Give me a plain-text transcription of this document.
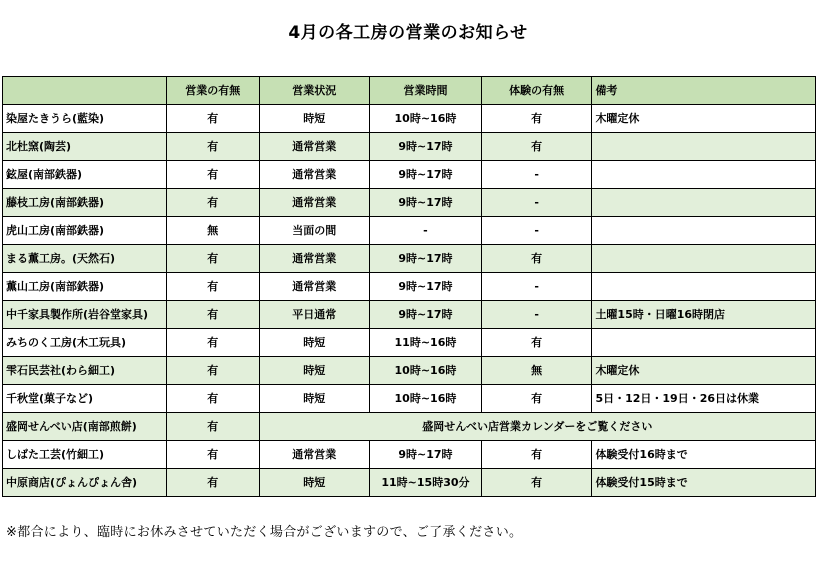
4月の各工房の営業のお知らせ
	営業の有無	営業状況	営業時間	体験の有無	備考
染屋たきうら(藍染)	有	時短	10時~16時	有	木曜定休
北杜窯(陶芸)	有	通常営業	9時~17時	有	
鉉屋(南部鉄器)	有	通常営業	9時~17時	-	
藤枝工房(南部鉄器)	有	通常営業	9時~17時	-	
虎山工房(南部鉄器)	無	当面の間	-	-	
まる薫工房。(天然石)	有	通常営業	9時~17時	有	
薫山工房(南部鉄器)	有	通常営業	9時~17時	-	
中千家具製作所(岩谷堂家具)	有	平日通常	9時~17時	-	土曜15時・日曜16時閉店
みちのく工房(木工玩具)	有	時短	11時~16時	有	
雫石民芸社(わら細工)	有	時短	10時~16時	無	木曜定休
千秋堂(菓子など)	有	時短	10時~16時	有	5日・12日・19日・26日は休業
盛岡せんべい店(南部煎餅)	有	盛岡せんべい店営業カレンダーをご覧ください			
しばた工芸(竹細工)	有	通常営業	9時~17時	有	体験受付16時まで
中原商店(ぴょんぴょん舎)	有	時短	11時~15時30分	有	体験受付15時まで
※都合により、臨時にお休みさせていただく場合がございますので、ご了承ください。
